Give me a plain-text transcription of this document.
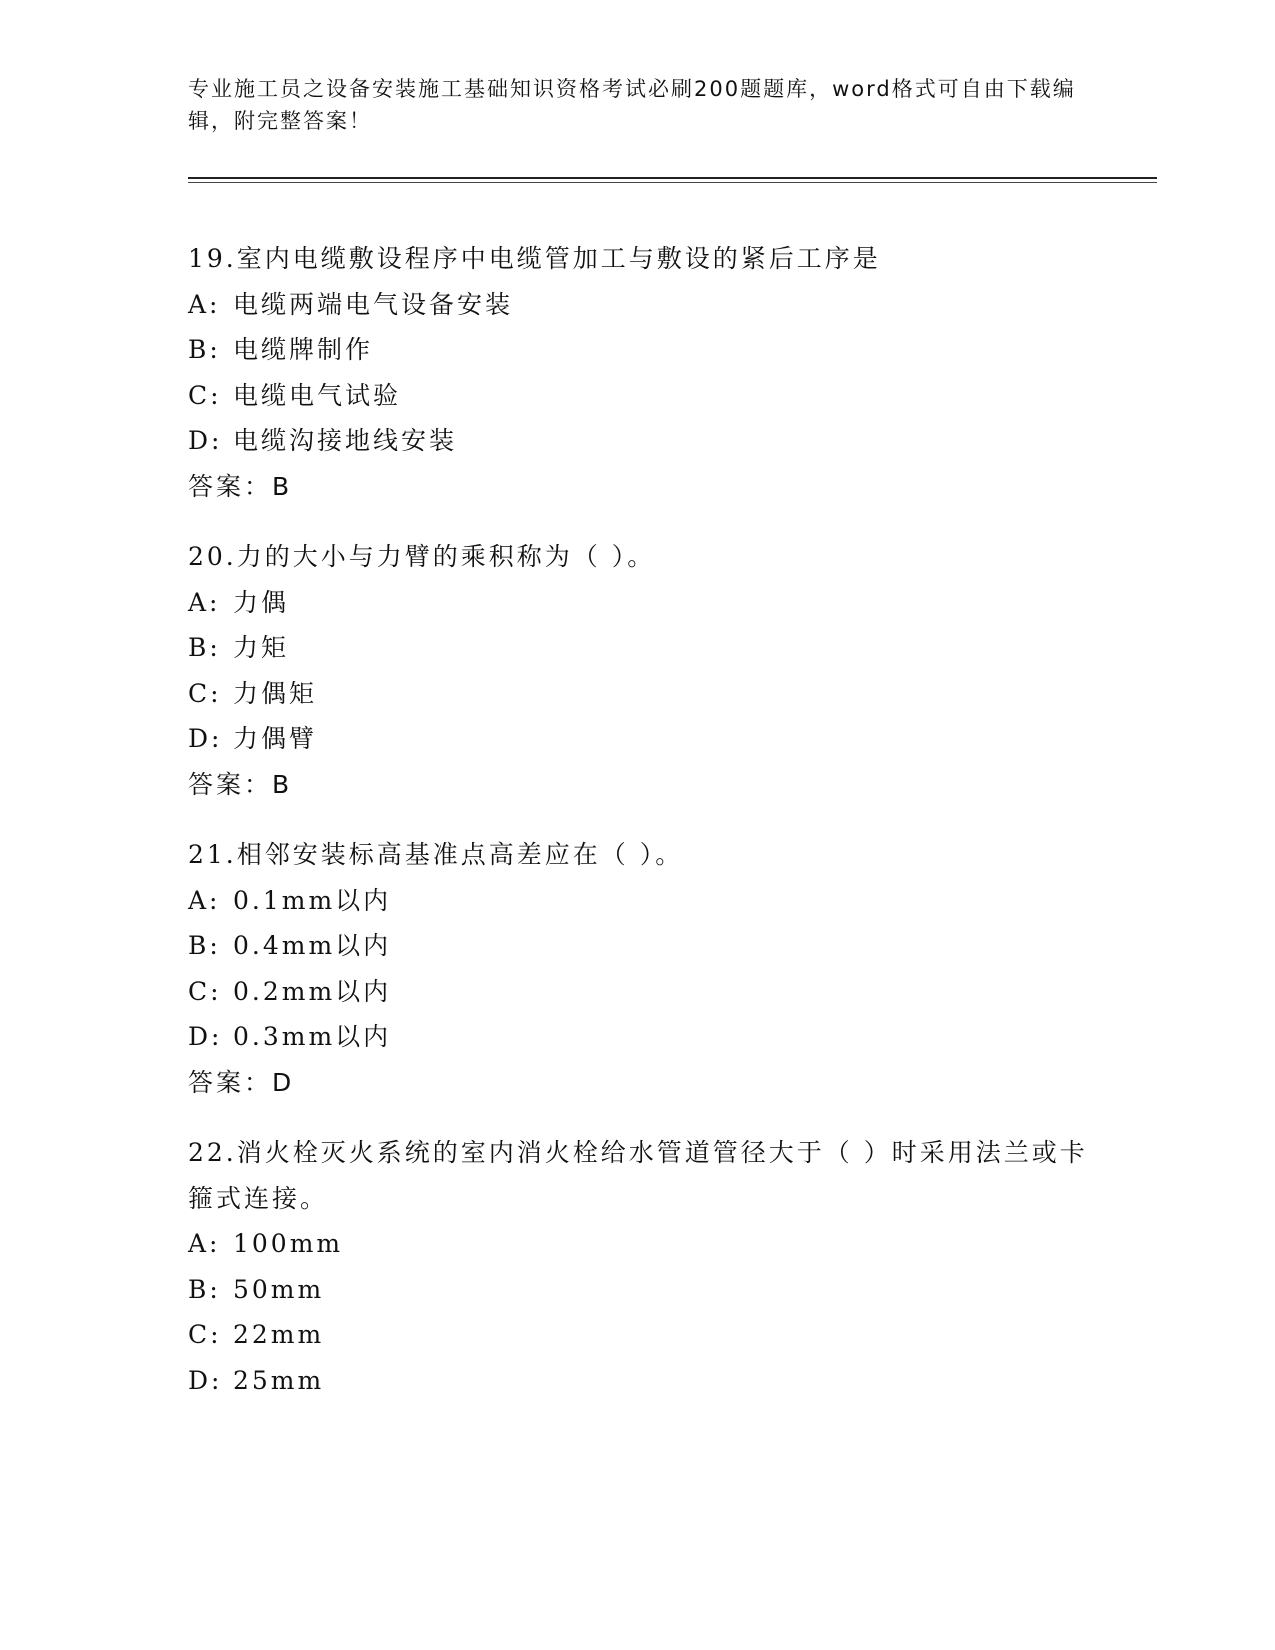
专业施工员之设备安装施工基础知识资格考试必刷200题题库，word格式可自由下载编辑，附完整答案！

19.室内电缆敷设程序中电缆管加工与敷设的紧后工序是

A: 电缆两端电气设备安装

B: 电缆牌制作

C: 电缆电气试验

D: 电缆沟接地线安装

答案：B

20.力的大小与力臂的乘积称为（ ）。

A: 力偶

B: 力矩

C: 力偶矩

D: 力偶臂

答案：B

21.相邻安装标高基准点高差应在（ ）。

A: 0.1mm以内

B: 0.4mm以内

C: 0.2mm以内

D: 0.3mm以内

答案：D

22.消火栓灭火系统的室内消火栓给水管道管径大于（ ）时采用法兰或卡箍式连接。

A: 100mm

B: 50mm

C: 22mm

D: 25mm
